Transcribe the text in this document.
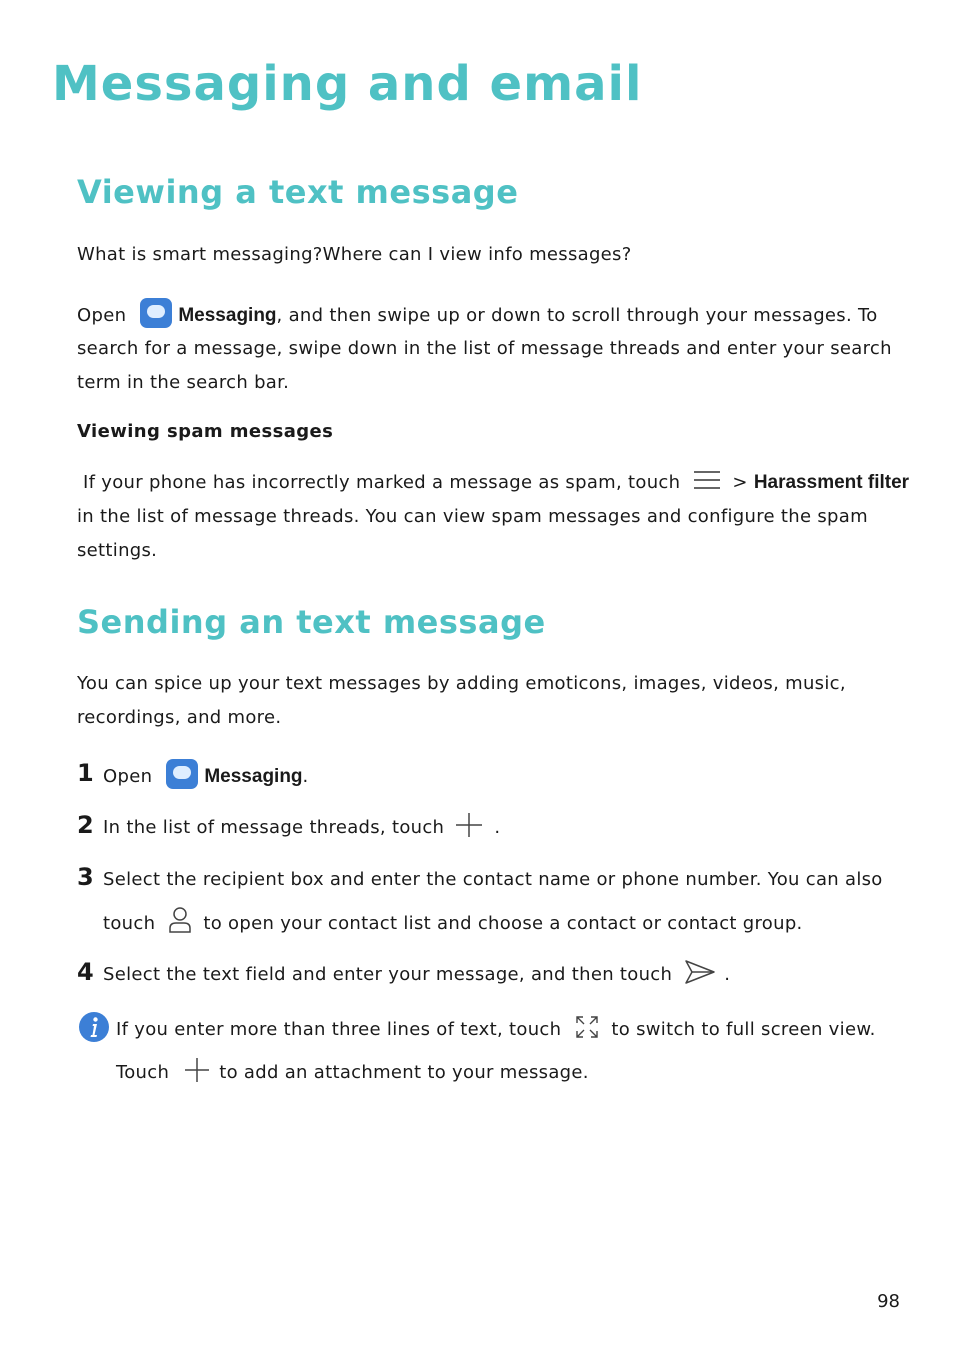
Messaging and email
Viewing a text message
What is smart messaging?Where can I view info messages?
Open	Messaging, and then swipe up or down to scroll through your messages. To
search for a message, swipe down in the list of message threads and enter your search
term in the search bar.
Viewing spam messages
If your phone has incorrectly marked a message as spam, touch	> Harassment filter
in the list of message threads. You can view spam messages and configure the spam
settings.
Sending an text message
You can spice up your text messages by adding emoticons, images, videos, music,
recordings, and more.
1 Open	Messaging.
2 In the list of message threads, touch	.
3 Select the recipient box and enter the contact name or phone number. You can also
touch	to open your contact list and choose a contact or contact group.
4 Select the text field and enter your message, and then touch	.
If you enter more than three lines of text, touch	to switch to full screen view.
Touch	to add an attachment to your message.
98
